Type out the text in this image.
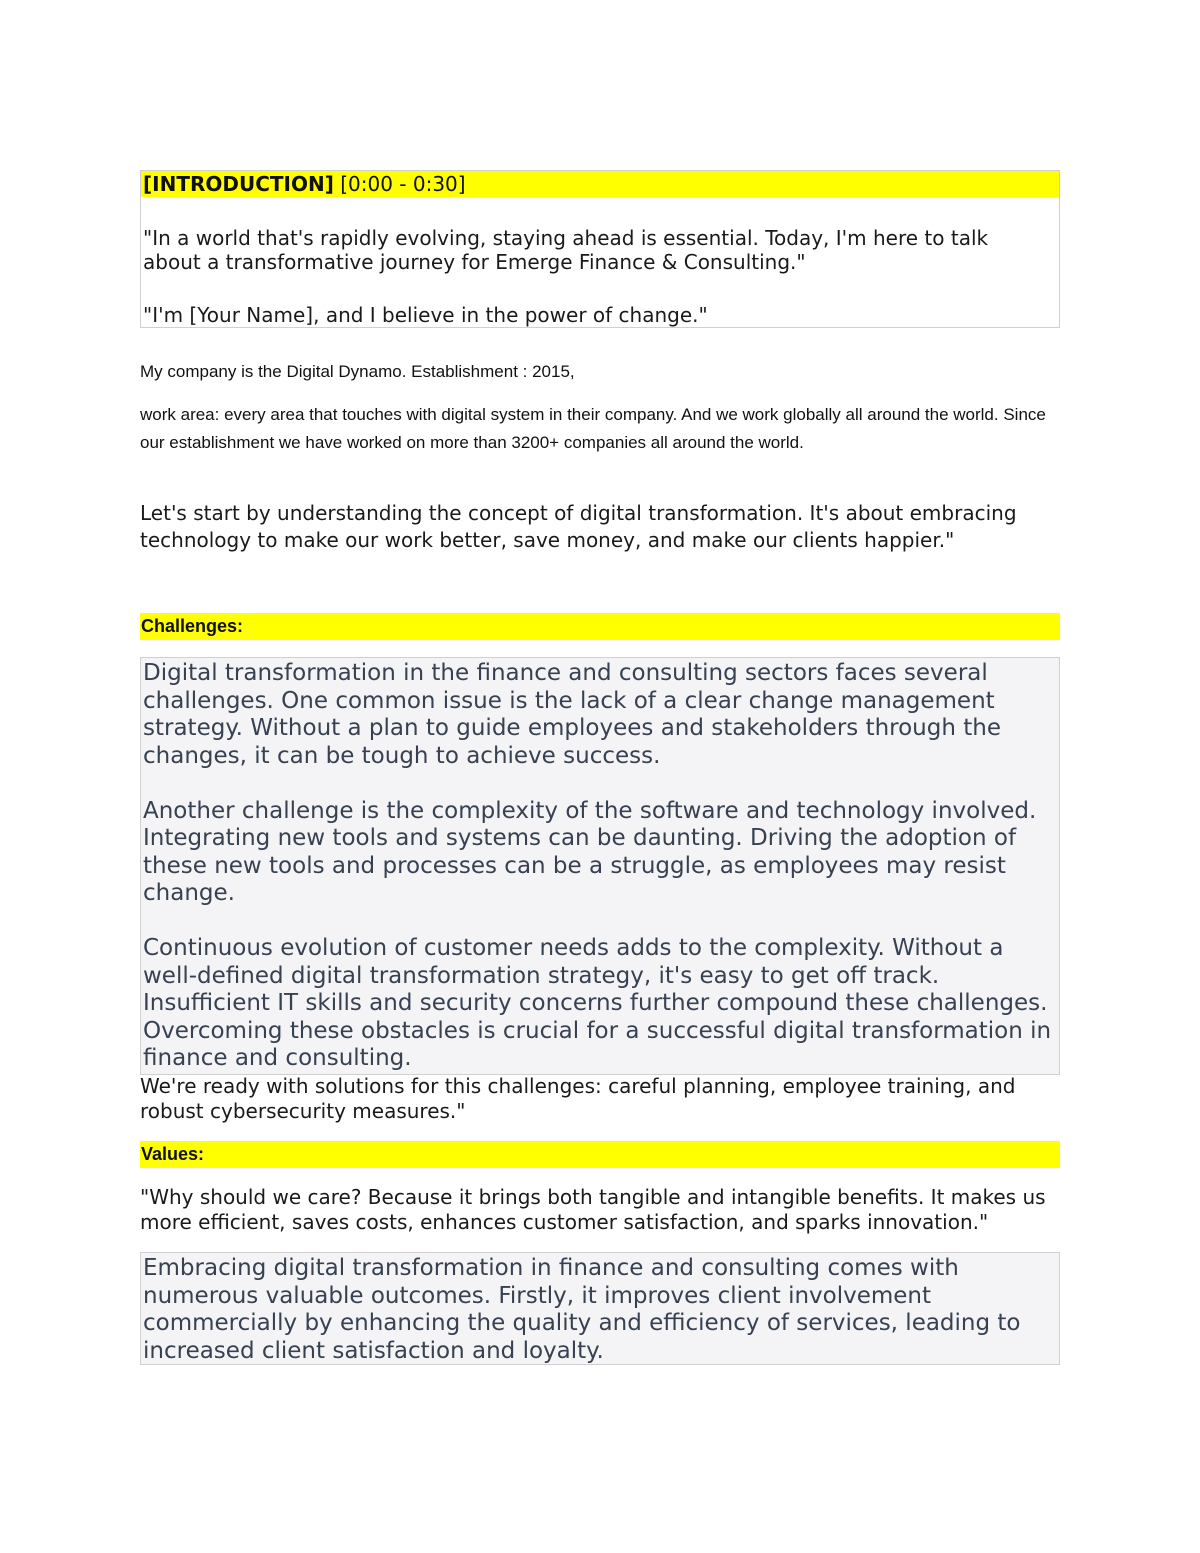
[INTRODUCTION] [0:00 - 0:30]

"In a world that's rapidly evolving, staying ahead is essential. Today, I'm here to talk about a transformative journey for Emerge Finance & Consulting."

"I'm [Your Name], and I believe in the power of change."

My company is the Digital Dynamo. Establishment : 2015,

work area: every area that touches with digital system in their company. And we work globally all around the world. Since our establishment we have worked on more than 3200+ companies all around the world.

Let's start by understanding the concept of digital transformation. It's about embracing technology to make our work better, save money, and make our clients happier."

Challenges:

Digital transformation in the finance and consulting sectors faces several challenges. One common issue is the lack of a clear change management strategy. Without a plan to guide employees and stakeholders through the changes, it can be tough to achieve success.

Another challenge is the complexity of the software and technology involved. Integrating new tools and systems can be daunting. Driving the adoption of these new tools and processes can be a struggle, as employees may resist change.

Continuous evolution of customer needs adds to the complexity. Without a well-defined digital transformation strategy, it's easy to get off track. Insufficient IT skills and security concerns further compound these challenges. Overcoming these obstacles is crucial for a successful digital transformation in finance and consulting.

We're ready with solutions for this challenges: careful planning, employee training, and robust cybersecurity measures."

Values:

"Why should we care? Because it brings both tangible and intangible benefits. It makes us more efficient, saves costs, enhances customer satisfaction, and sparks innovation."

Embracing digital transformation in finance and consulting comes with numerous valuable outcomes. Firstly, it improves client involvement commercially by enhancing the quality and efficiency of services, leading to increased client satisfaction and loyalty.
